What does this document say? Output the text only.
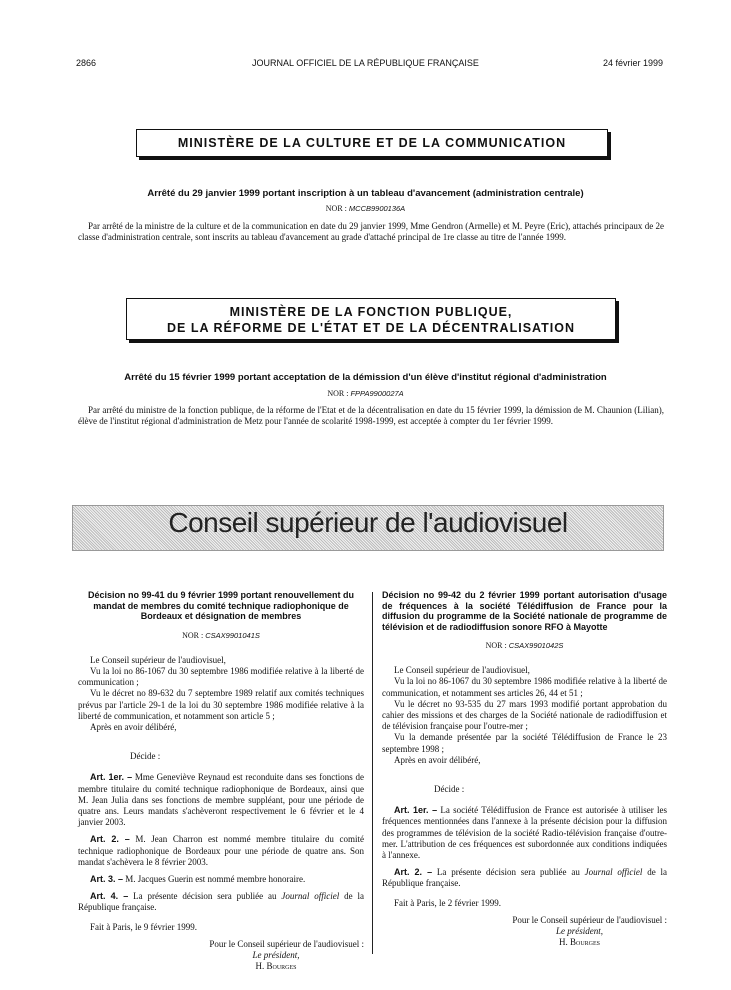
2866	JOURNAL OFFICIEL DE LA RÉPUBLIQUE FRANÇAISE	24 février 1999
MINISTÈRE DE LA CULTURE ET DE LA COMMUNICATION
Arrêté du 29 janvier 1999 portant inscription à un tableau d'avancement (administration centrale)
NOR : MCCB9900136A

Par arrêté de la ministre de la culture et de la communication en date du 29 janvier 1999, Mme Gendron (Armelle) et M. Peyre (Eric), attachés principaux de 2e classe d'administration centrale, sont inscrits au tableau d'avancement au grade d'attaché principal de 1re classe au titre de l'année 1999.

MINISTÈRE DE LA FONCTION PUBLIQUE,
DE LA RÉFORME DE L'ÉTAT ET DE LA DÉCENTRALISATION
Arrêté du 15 février 1999 portant acceptation de la démission d'un élève d'institut régional d'administration
NOR : FPPA9900027A

Par arrêté du ministre de la fonction publique, de la réforme de l'Etat et de la décentralisation en date du 15 février 1999, la démission de M. Chaunion (Lilian), élève de l'institut régional d'administration de Metz pour l'année de scolarité 1998-1999, est acceptée à compter du 1er février 1999.

Conseil supérieur de l'audiovisuel

Décision no 99-41 du 9 février 1999 portant renouvellement du mandat de membres du comité technique radiophonique de Bordeaux et désignation de membres

NOR : CSAX9901041S

Le Conseil supérieur de l'audiovisuel,

Vu la loi no 86-1067 du 30 septembre 1986 modifiée relative à la liberté de communication ;

Vu le décret no 89-632 du 7 septembre 1989 relatif aux comités techniques prévus par l'article 29-1 de la loi du 30 septembre 1986 modifiée relative à la liberté de communication, et notamment son article 5 ;

Après en avoir délibéré,

Décide :

Art. 1er. – Mme Geneviève Reynaud est reconduite dans ses fonctions de membre titulaire du comité technique radiophonique de Bordeaux, ainsi que M. Jean Julia dans ses fonctions de membre suppléant, pour une période de quatre ans. Leurs mandats s'achèveront respectivement le 6 février et le 4 janvier 2003.

Art. 2. – M. Jean Charron est nommé membre titulaire du comité technique radiophonique de Bordeaux pour une période de quatre ans. Son mandat s'achèvera le 8 février 2003.

Art. 3. – M. Jacques Guerin est nommé membre honoraire.

Art. 4. – La présente décision sera publiée au Journal officiel de la République française.

Fait à Paris, le 9 février 1999.

Pour le Conseil supérieur de l'audiovisuel :

Le président,

H. Bourges

Décision no 99-42 du 2 février 1999 portant autorisation d'usage de fréquences à la société Télédiffusion de France pour la diffusion du programme de la Société nationale de programme de télévision et de radiodiffusion sonore RFO à Mayotte

NOR : CSAX9901042S

Le Conseil supérieur de l'audiovisuel,

Vu la loi no 86-1067 du 30 septembre 1986 modifiée relative à la liberté de communication, et notamment ses articles 26, 44 et 51 ;

Vu le décret no 93-535 du 27 mars 1993 modifié portant approbation du cahier des missions et des charges de la Société nationale de radiodiffusion et de télévision française pour l'outre-mer ;

Vu la demande présentée par la société Télédiffusion de France le 23 septembre 1998 ;

Après en avoir délibéré,

Décide :

Art. 1er. – La société Télédiffusion de France est autorisée à utiliser les fréquences mentionnées dans l'annexe à la présente décision pour la diffusion des programmes de télévision de la société Radio-télévision française d'outre-mer. L'attribution de ces fréquences est subordonnée aux conditions indiquées à l'annexe.

Art. 2. – La présente décision sera publiée au Journal officiel de la République française.

Fait à Paris, le 2 février 1999.

Pour le Conseil supérieur de l'audiovisuel :

Le président,

H. Bourges
